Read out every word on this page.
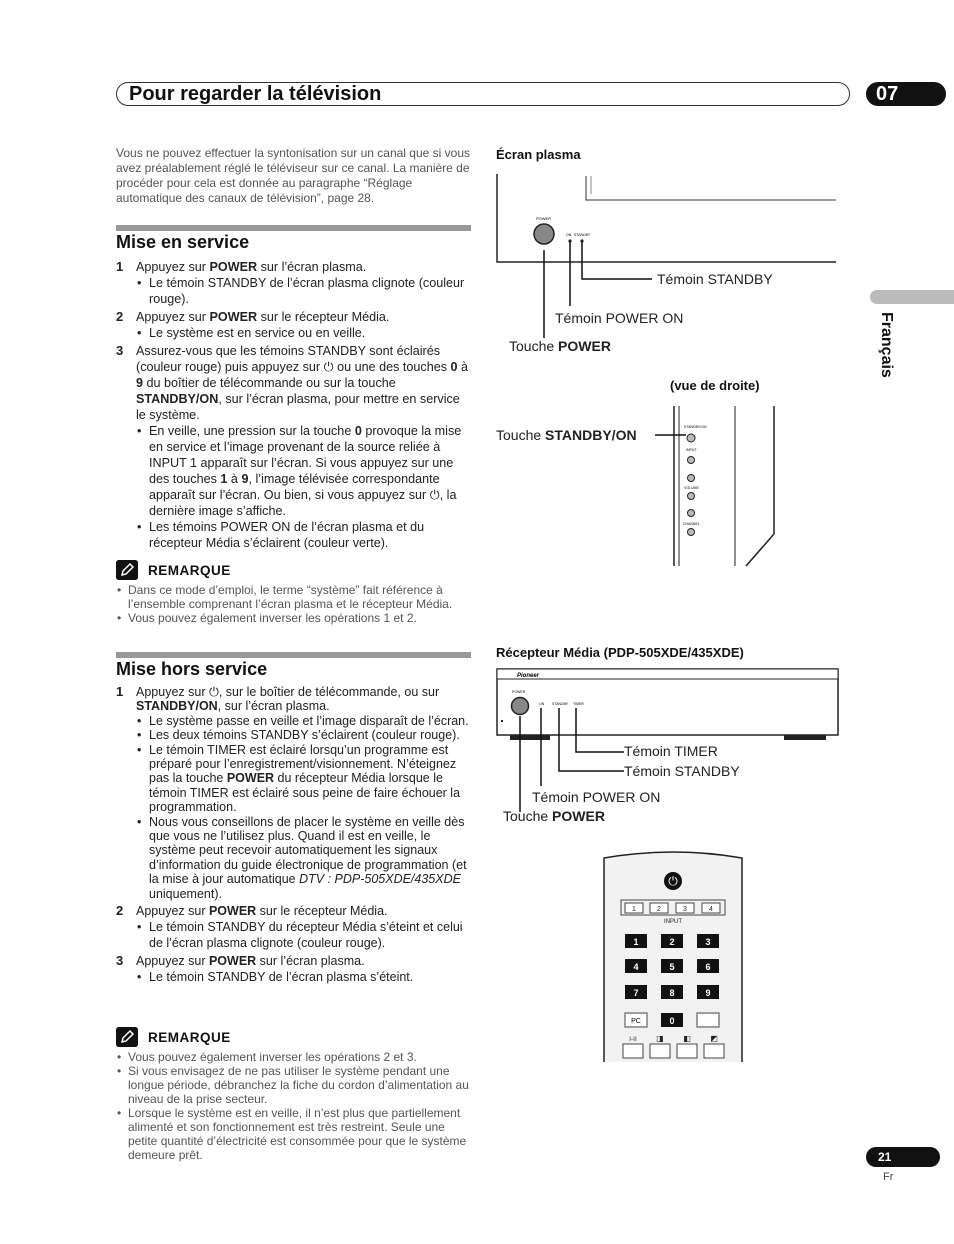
Pour regarder la télévision	07
Français
Vous ne pouvez effectuer la syntonisation sur un canal que si vous avez préalablement réglé le téléviseur sur ce canal. La manière de procéder pour cela est donnée au paragraphe “Réglage automatique des canaux de télévision”, page 28.
Mise en service
1 Appuyez sur POWER sur l’écran plasma.
• Le témoin STANDBY de l’écran plasma clignote (couleur rouge).
2 Appuyez sur POWER sur le récepteur Média.
• Le système est en service ou en veille.
3 Assurez-vous que les témoins STANDBY sont éclairés (couleur rouge) puis appuyez sur ⏻ ou une des touches 0 à 9 du boîtier de télécommande ou sur la touche STANDBY/ON, sur l’écran plasma, pour mettre en service le système.
• En veille, une pression sur la touche 0 provoque la mise en service et l’image provenant de la source reliée à INPUT 1 apparaît sur l’écran. Si vous appuyez sur une des touches 1 à 9, l’image télévisée correspondante apparaît sur l’écran. Ou bien, si vous appuyez sur ⏻, la dernière image s’affiche.
• Les témoins POWER ON de l’écran plasma et du récepteur Média s’éclairent (couleur verte).
REMARQUE
• Dans ce mode d’emploi, le terme “système” fait référence à l’ensemble comprenant l’écran plasma et le récepteur Média.
• Vous pouvez également inverser les opérations 1 et 2.
Mise hors service
1 Appuyez sur ⏻, sur le boîtier de télécommande, ou sur STANDBY/ON, sur l’écran plasma.
• Le système passe en veille et l’image disparaît de l’écran.
• Les deux témoins STANDBY s’éclairent (couleur rouge).
• Le témoin TIMER est éclairé lorsqu’un programme est préparé pour l’enregistrement/visionnement. N’éteignez pas la touche POWER du récepteur Média lorsque le témoin TIMER est éclairé sous peine de faire échouer la programmation.
• Nous vous conseillons de placer le système en veille dès que vous ne l’utilisez plus. Quand il est en veille, le système peut recevoir automatiquement les signaux d’information du guide électronique de programmation (et la mise à jour automatique DTV : PDP-505XDE/435XDE uniquement).
2 Appuyez sur POWER sur le récepteur Média.
• Le témoin STANDBY du récepteur Média s’éteint et celui de l’écran plasma clignote (couleur rouge).
3 Appuyez sur POWER sur l’écran plasma.
• Le témoin STANDBY de l’écran plasma s’éteint.
REMARQUE
• Vous pouvez également inverser les opérations 2 et 3.
• Si vous envisagez de ne pas utiliser le système pendant une longue période, débranchez la fiche du cordon d’alimentation au niveau de la prise secteur.
• Lorsque le système est en veille, il n’est plus que partiellement alimenté et son fonctionnement est très restreint. Seule une petite quantité d’électricité est consommée pour que le système demeure prêt.
Écran plasma
POWER
ON STANDBY
Témoin STANDBY
Témoin POWER ON
Touche POWER
(vue de droite)
STANDBY/ON
INPUT
VOLUME
CHANNEL
Touche STANDBY/ON
Récepteur Média (PDP-505XDE/435XDE)
POWER
ON STANDBY TIMER
Pioneer
Témoin TIMER
Témoin STANDBY
Témoin POWER ON
Touche POWER
⏻
1	2	3	4
INPUT
1	2	3
4	5	6
7	8	9
0
PC
I-II ◨ ◧ ◩
21
Fr
